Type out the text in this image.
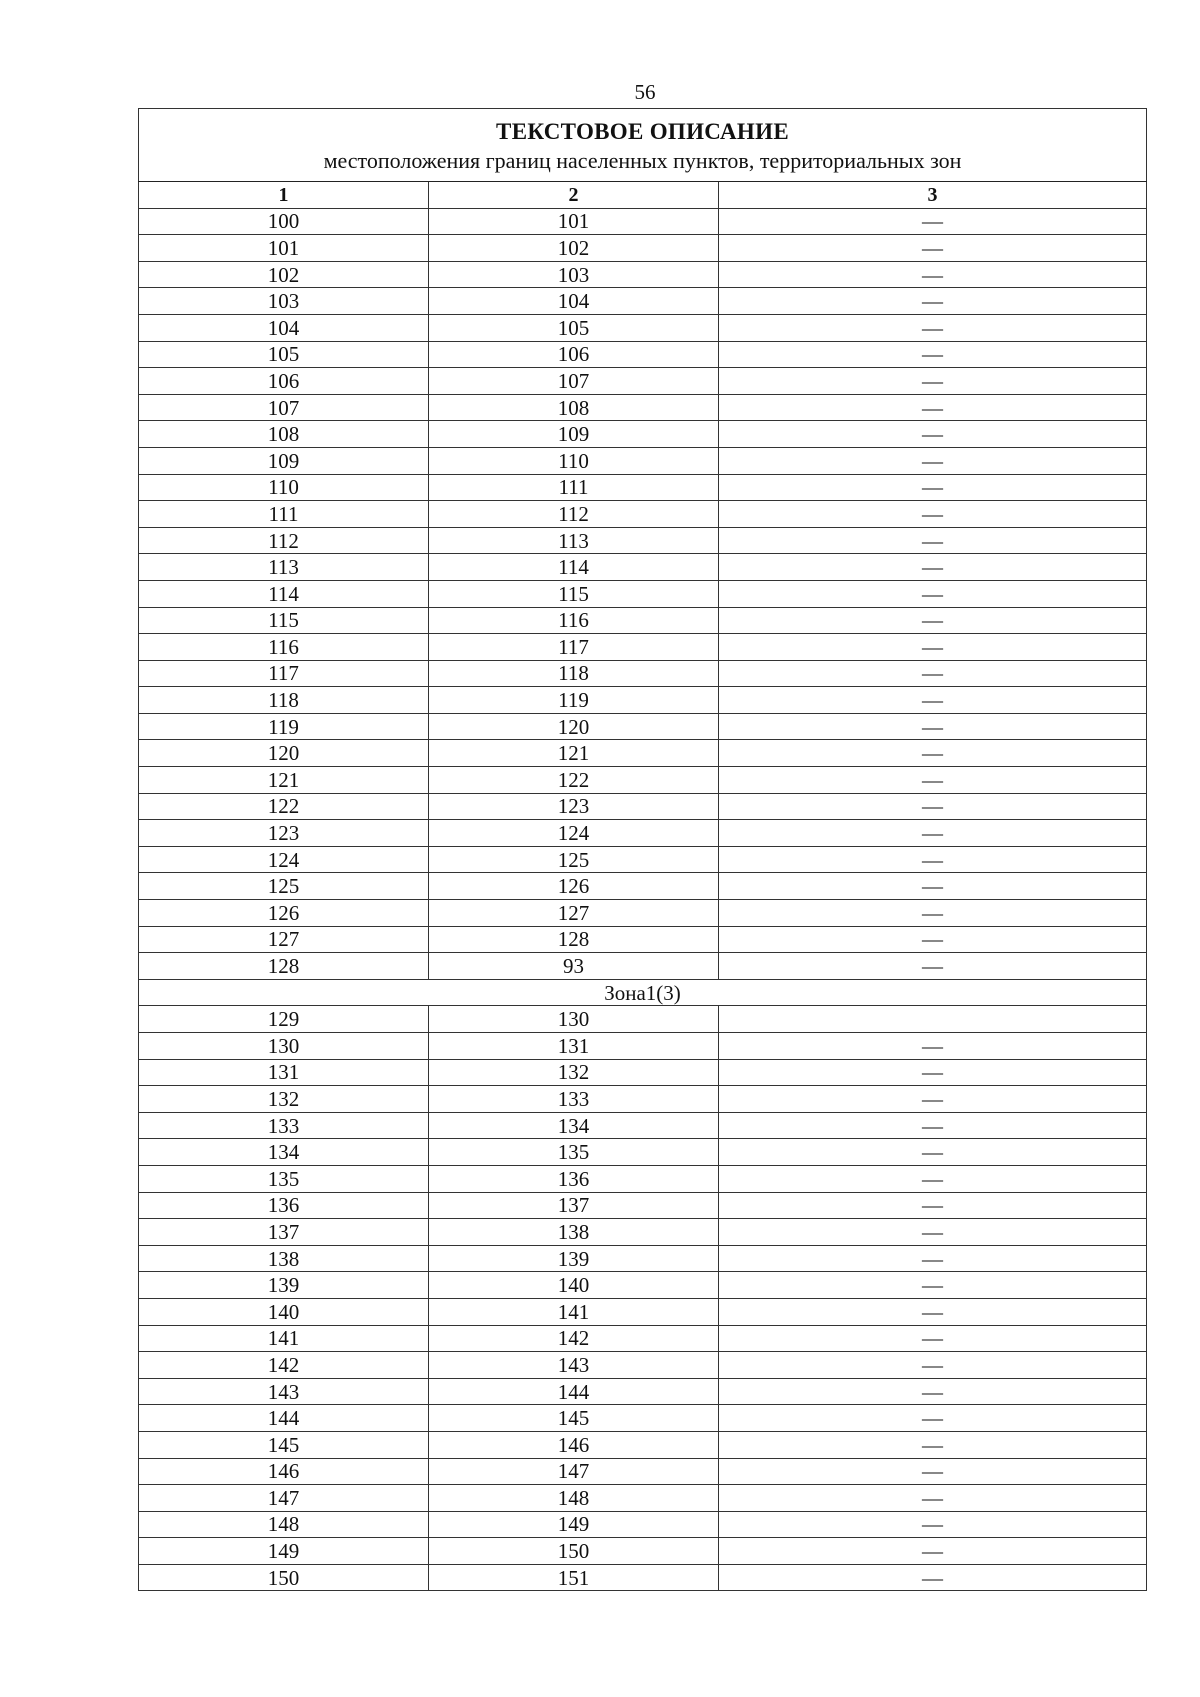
56
ТЕКСТОВОЕ ОПИСАНИЕ
местоположения границ населенных пунктов, территориальных зон		

1	2	3
100	101	—
101	102	—
102	103	—
103	104	—
104	105	—
105	106	—
106	107	—
107	108	—
108	109	—
109	110	—
110	111	—
111	112	—
112	113	—
113	114	—
114	115	—
115	116	—
116	117	—
117	118	—
118	119	—
119	120	—
120	121	—
121	122	—
122	123	—
123	124	—
124	125	—
125	126	—
126	127	—
127	128	—
128	93	—
Зона1(3)		
129	130	
130	131	—
131	132	—
132	133	—
133	134	—
134	135	—
135	136	—
136	137	—
137	138	—
138	139	—
139	140	—
140	141	—
141	142	—
142	143	—
143	144	—
144	145	—
145	146	—
146	147	—
147	148	—
148	149	—
149	150	—
150	151	—
